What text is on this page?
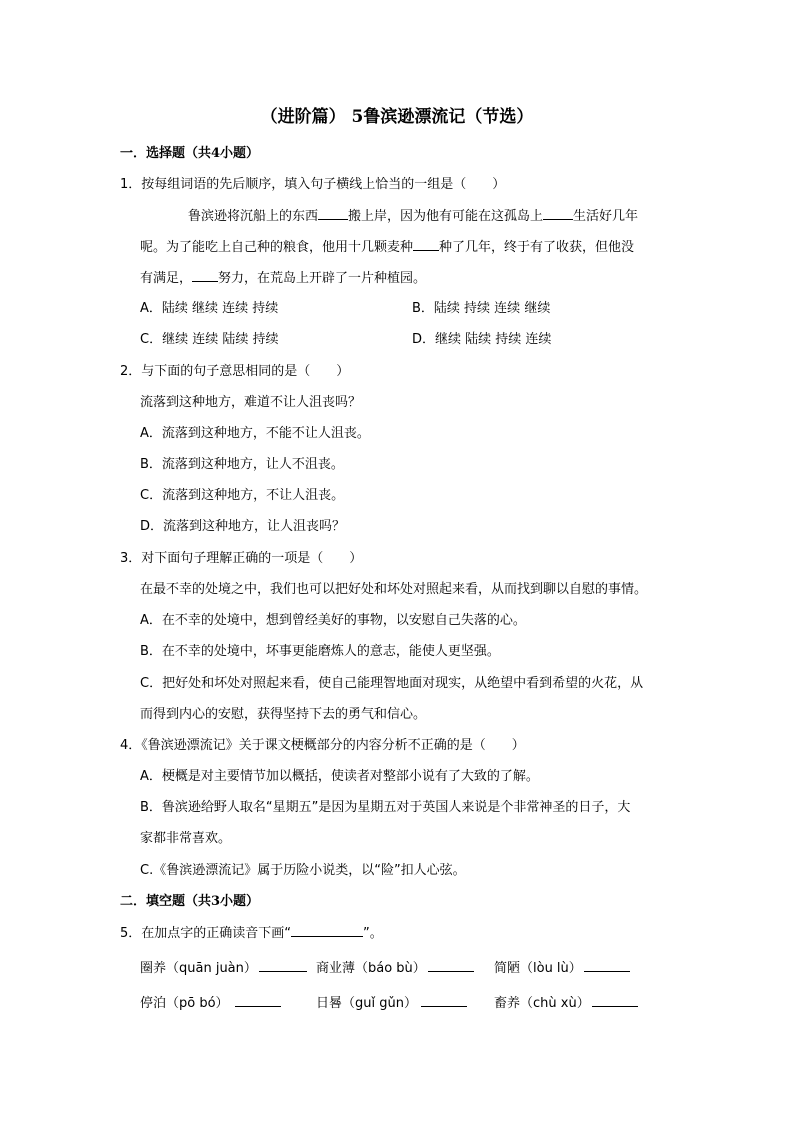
（进阶篇） 5鲁滨逊漂流记（节选）
一．选择题（共4小题）
1．按每组词语的先后顺序，填入句子横线上恰当的一组是（　　）
鲁滨逊将沉船上的东西 搬上岸，因为他有可能在这孤岛上 生活好几年
呢。为了能吃上自己种的粮食，他用十几颗麦种 种了几年，终于有了收获，但他没
有满足， 努力，在荒岛上开辟了一片种植园。
A．陆续 继续 连续 持续	B．陆续 持续 连续 继续
C．继续 连续 陆续 持续	D．继续 陆续 持续 连续
2．与下面的句子意思相同的是（　　）
流落到这种地方，难道不让人沮丧吗？
A．流落到这种地方，不能不让人沮丧。
B．流落到这种地方，让人不沮丧。
C．流落到这种地方，不让人沮丧。
D．流落到这种地方，让人沮丧吗？
3．对下面句子理解正确的一项是（　　）
在最不幸的处境之中，我们也可以把好处和坏处对照起来看，从而找到聊以自慰的事情。
A．在不幸的处境中，想到曾经美好的事物，以安慰自己失落的心。
B．在不幸的处境中，坏事更能磨炼人的意志，能使人更坚强。
C．把好处和坏处对照起来看，使自己能理智地面对现实，从绝望中看到希望的火花，从
而得到内心的安慰，获得坚持下去的勇气和信心。
4．《鲁滨逊漂流记》关于课文梗概部分的内容分析不正确的是（　　）
A．梗概是对主要情节加以概括，使读者对整部小说有了大致的了解。
B．鲁滨逊给野人取名“星期五”是因为星期五对于英国人来说是个非常神圣的日子，大
家都非常喜欢。
C.《鲁滨逊漂流记》属于历险小说类，以“险”扣人心弦。
二．填空题（共3小题）
5．在加点字的正确读音下画“	”。
圈养（quān juàn）	商业薄（báo bù）	简陋（lòu lù）
停泊（pō bó）	日晷（guǐ gǔn）	畜养（chù xù）
